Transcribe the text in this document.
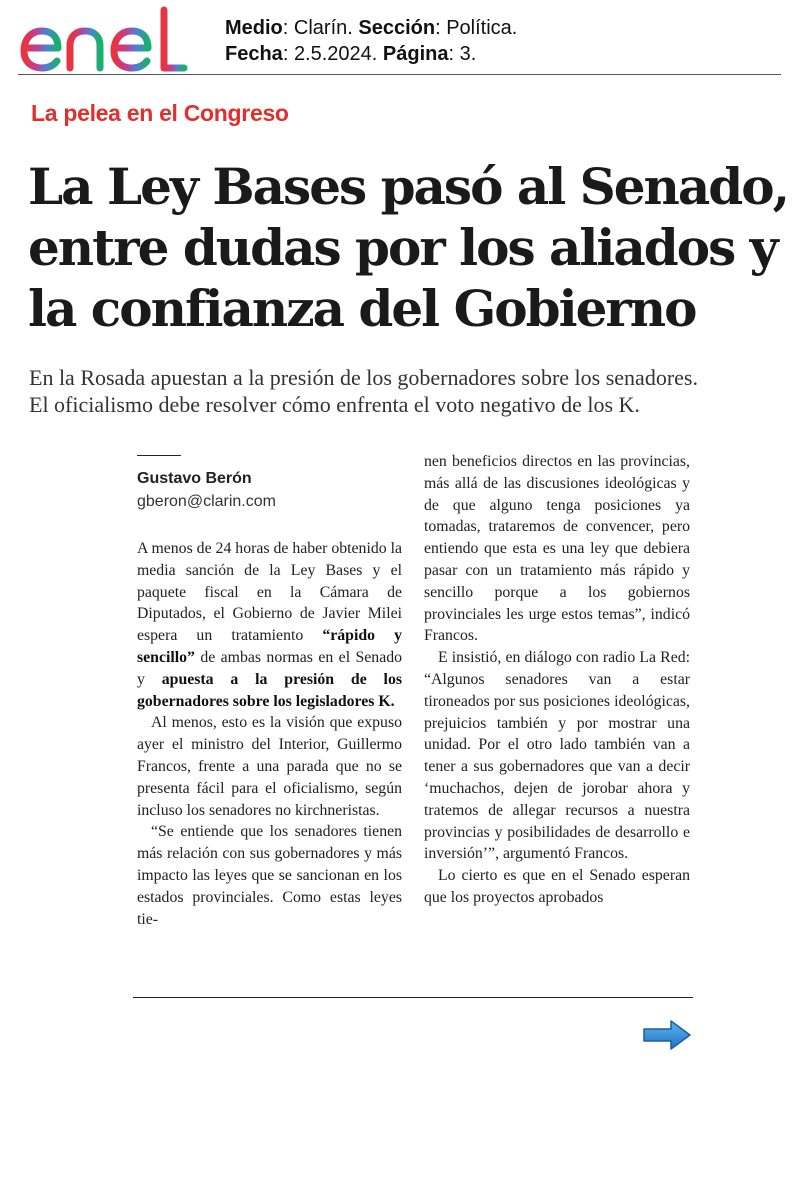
Medio: Clarín. Sección: Política.
Fecha: 2.5.2024. Página: 3.
La pelea en el Congreso
La Ley Bases pasó al Senado,
entre dudas por los aliados y
la confianza del Gobierno

En la Rosada apuestan a la presión de los gobernadores sobre los senadores.
El oficialismo debe resolver cómo enfrenta el voto negativo de los K.

Gustavo Berón
gberon@clarin.com

A menos de 24 horas de haber obtenido la media sanción de la Ley Bases y el paquete fiscal en la Cámara de Diputados, el Gobierno de Javier Milei espera un tratamiento “rápido y sencillo” de ambas normas en el Senado y apuesta a la presión de los gobernadores sobre los legisladores K.

Al menos, esto es la visión que expuso ayer el ministro del Interior, Guillermo Francos, frente a una parada que no se presenta fácil para el oficialismo, según incluso los senadores no kirchneristas.

“Se entiende que los senadores tienen más relación con sus gobernadores y más impacto las leyes que se sancionan en los estados provinciales. Como estas leyes tie-

nen beneficios directos en las provincias, más allá de las discusiones ideológicas y de que alguno tenga posiciones ya tomadas, trataremos de convencer, pero entiendo que esta es una ley que debiera pasar con un tratamiento más rápido y sencillo porque a los gobiernos provinciales les urge estos temas”, indicó Francos.

E insistió, en diálogo con radio La Red: “Algunos senadores van a estar tironeados por sus posiciones ideológicas, prejuicios también y por mostrar una unidad. Por el otro lado también van a tener a sus gobernadores que van a decir ‘muchachos, dejen de jorobar ahora y tratemos de allegar recursos a nuestra provincias y posibilidades de desarrollo e inversión’”, argumentó Francos.

Lo cierto es que en el Senado esperan que los proyectos aprobados
